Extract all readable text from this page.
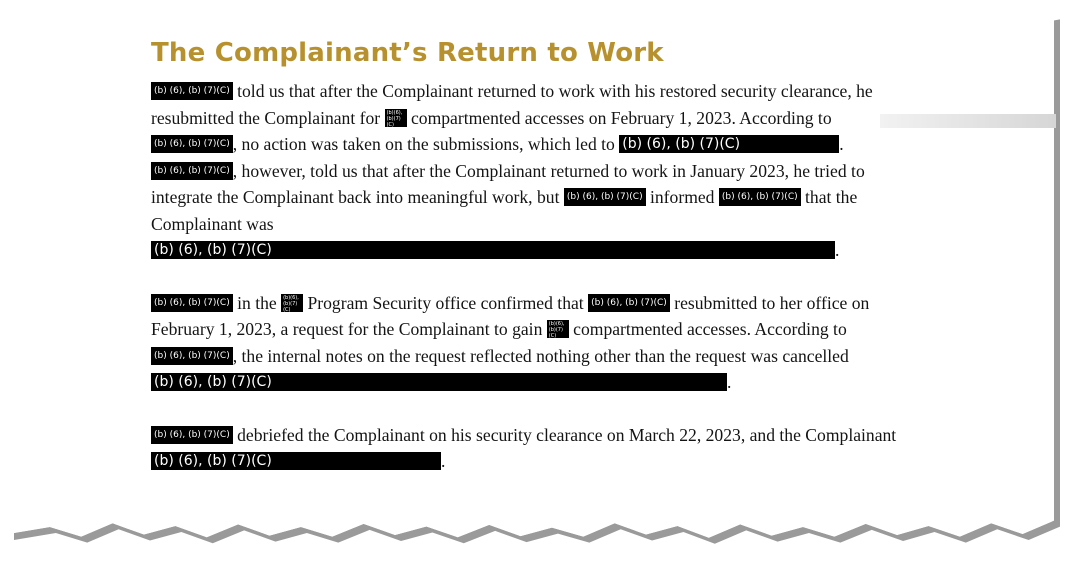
The Complainant’s Return to Work

(b) (6), (b) (7)(C) told us that after the Complainant returned to work with his restored security clearance, he resubmitted the Complainant for (b)(6), (b)(7)(C) compartmented accesses on February 1, 2023. According to (b) (6), (b) (7)(C) , no action was taken on the submissions, which led to (b) (6), (b) (7)(C)	. (b) (6), (b) (7)(C) , however, told us that after the Complainant returned to work in January 2023, he tried to integrate the Complainant back into meaningful work, but (b) (6), (b) (7)(C) informed (b) (6), (b) (7)(C) that the Complainant was(b) (6), (b) (7)(C)	.

(b) (6), (b) (7)(C) in the (b)(6), (b)(7)(C) Program Security office confirmed that (b) (6), (b) (7)(C) resubmitted to her office on February 1, 2023, a request for the Complainant to gain (b)(6), (b)(7)(C) compartmented accesses. According to (b) (6), (b) (7)(C) , the internal notes on the request reflected nothing other than the request was cancelled(b) (6), (b) (7)(C)	.

(b) (6), (b) (7)(C) debriefed the Complainant on his security clearance on March 22, 2023, and the Complainant(b) (6), (b) (7)(C)	.
